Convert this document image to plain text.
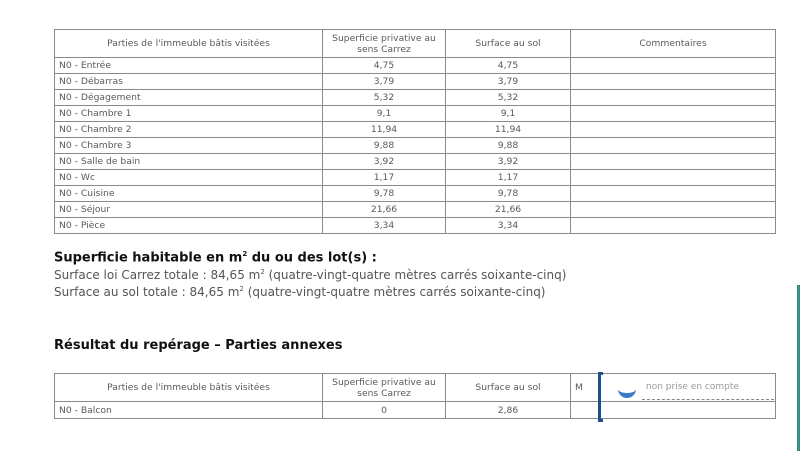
Parties de l'immeuble bâtis visitées	Superficie privative au sens Carrez	Surface au sol	Commentaires
N0 - Entrée	4,75	4,75	
N0 - Débarras	3,79	3,79	
N0 - Dégagement	5,32	5,32	
N0 - Chambre 1	9,1	9,1	
N0 - Chambre 2	11,94	11,94	
N0 - Chambre 3	9,88	9,88	
N0 - Salle de bain	3,92	3,92	
N0 - Wc	1,17	1,17	
N0 - Cuisine	9,78	9,78	
N0 - Séjour	21,66	21,66	
N0 - Pièce	3,34	3,34	
Superficie habitable en $m^2$ du ou des lot(s) :
Surface loi Carrez totale : 84,65 $m^2$ (quatre-vingt-quatre mètres carrés soixante-cinq)
Surface au sol totale : 84,65 $m^2$ (quatre-vingt-quatre mètres carrés soixante-cinq)
Résultat du repérage – Parties annexes
Parties de l'immeuble bâtis visitées	Superficie privative au sens Carrez	Surface au sol	M
N0 - Balcon	0	2,86	
non prise en compte
